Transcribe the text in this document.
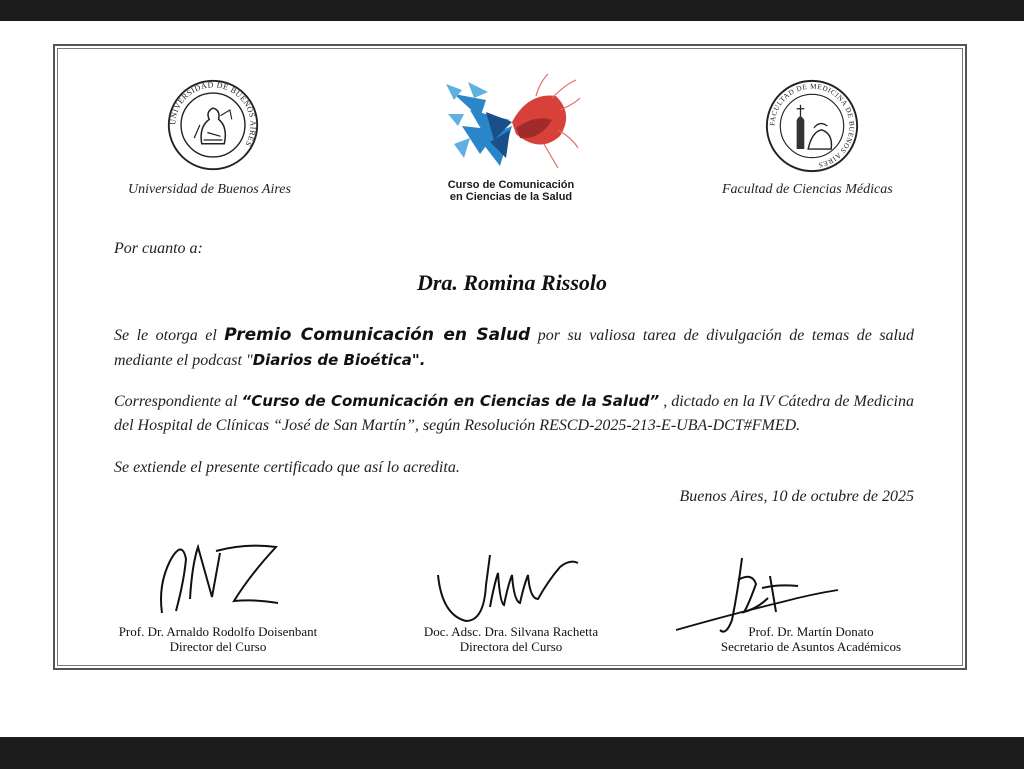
UNIVERSIDAD DE BUENOS AIRES
Universidad de Buenos Aires	Curso de Comunicación
en Ciencias de la Salud
FACULTAD DE MEDICINA DE BUENOS AIRES
Facultad de Ciencias Médicas
Por cuanto a:
Dra. Romina Rissolo
Se le otorga el Premio Comunicación en Salud por su valiosa tarea de divulgación de temas de salud mediante el podcast "Diarios de Bioética".
Correspondiente al “Curso de Comunicación en Ciencias de la Salud” , dictado en la IV Cátedra de Medicina del Hospital de Clínicas “José de San Martín”, según Resolución RESCD-2025-213-E-UBA-DCT#FMED.
Se extiende el presente certificado que así lo acredita.
Buenos Aires, 10 de octubre de 2025
Prof. Dr. Arnaldo Rodolfo Doisenbant
Director del Curso
Doc. Adsc. Dra. Silvana Rachetta
Directora del Curso
Prof. Dr. Martín Donato
Secretario de Asuntos Académicos
